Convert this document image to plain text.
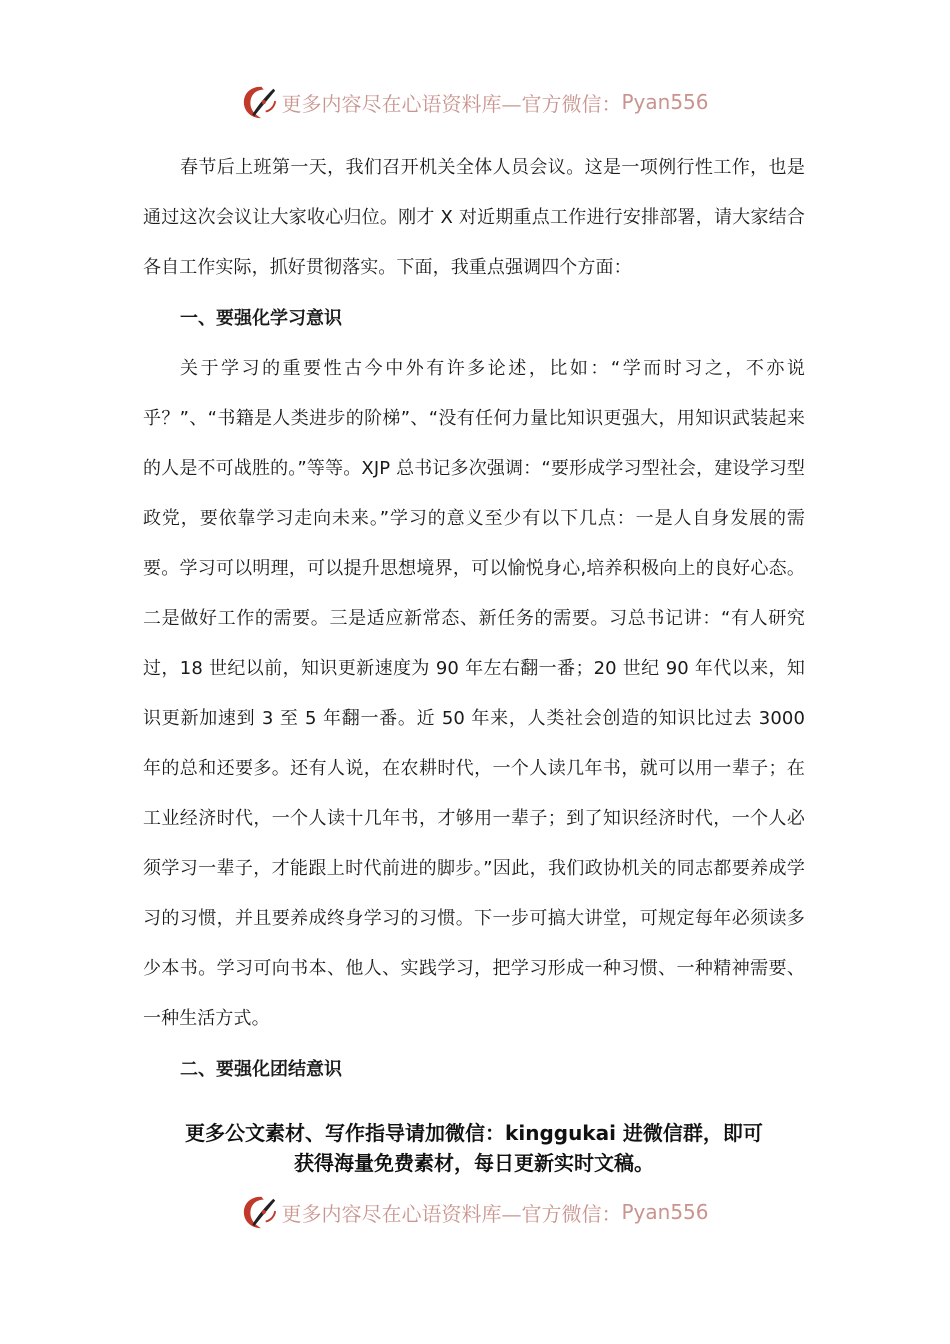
更多内容尽在心语资料库—官方微信： Pyan556

春节后上班第一天，我们召开机关全体人员会议。这是一项例行性工作，也是通过这次会议让大家收心归位。刚才 X 对近期重点工作进行安排部署，请大家结合各自工作实际，抓好贯彻落实。下面，我重点强调四个方面：

一、要强化学习意识

关于学习的重要性古今中外有许多论述，比如：“学而时习之，不亦说乎？”、“书籍是人类进步的阶梯”、“没有任何力量比知识更强大，用知识武装起来的人是不可战胜的。”等等。XJP 总书记多次强调：“要形成学习型社会，建设学习型政党，要依靠学习走向未来。”学习的意义至少有以下几点：一是人自身发展的需要。学习可以明理，可以提升思想境界，可以愉悦身心,培养积极向上的良好心态。二是做好工作的需要。三是适应新常态、新任务的需要。习总书记讲：“有人研究过，18 世纪以前，知识更新速度为 90 年左右翻一番；20 世纪 90 年代以来，知识更新加速到 3 至 5 年翻一番。近 50 年来，人类社会创造的知识比过去 3000 年的总和还要多。还有人说，在农耕时代，一个人读几年书，就可以用一辈子；在工业经济时代，一个人读十几年书，才够用一辈子；到了知识经济时代，一个人必须学习一辈子，才能跟上时代前进的脚步。”因此，我们政协机关的同志都要养成学习的习惯，并且要养成终身学习的习惯。下一步可搞大讲堂，可规定每年必须读多少本书。学习可向书本、他人、实践学习，把学习形成一种习惯、一种精神需要、一种生活方式。

二、要强化团结意识

更多公文素材、写作指导请加微信：kinggukai 进微信群，即可
获得海量免费素材，每日更新实时文稿。
更多内容尽在心语资料库—官方微信： Pyan556
